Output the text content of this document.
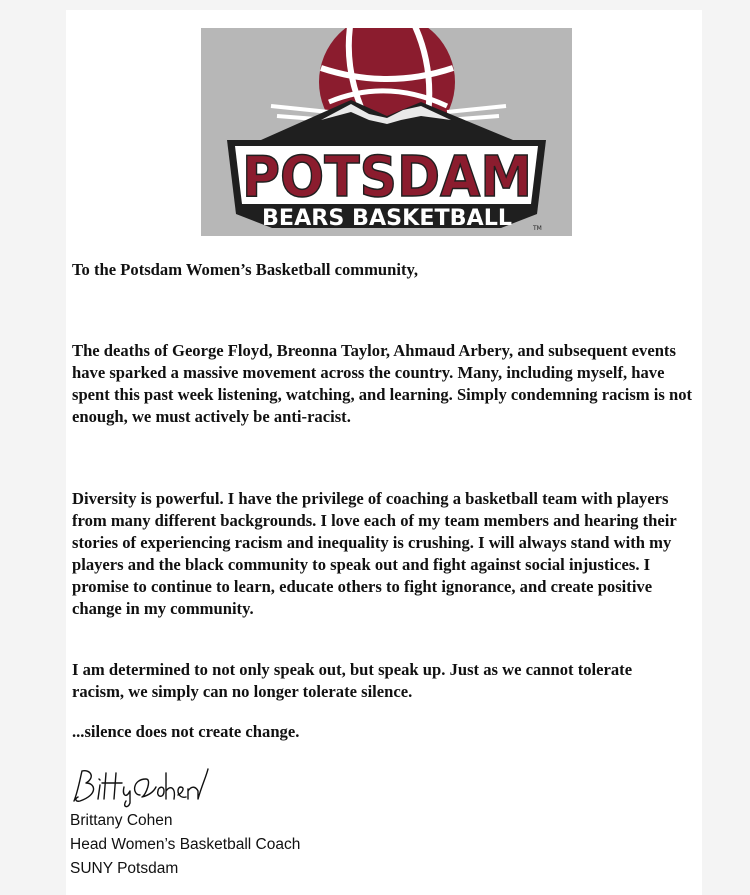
POTSDAM
BEARS BASKETBALL	TM

To the Potsdam Women’s Basketball community,

The deaths of George Floyd, Breonna Taylor, Ahmaud Arbery, and subsequent events have sparked a massive movement across the country. Many, including myself, have spent this past week listening, watching, and learning. Simply condemning racism is not enough, we must actively be anti-racist.

Diversity is powerful. I have the privilege of coaching a basketball team with players from many different backgrounds. I love each of my team members and hearing their stories of experiencing racism and inequality is crushing. I will always stand with my players and the black community to speak out and fight against social injustices. I promise to continue to learn, educate others to fight ignorance, and create positive change in my community.

I am determined to not only speak out, but speak up. Just as we cannot tolerate racism, we simply can no longer tolerate silence.

...silence does not create change.

Brittany Cohen
Head Women’s Basketball Coach
SUNY Potsdam
